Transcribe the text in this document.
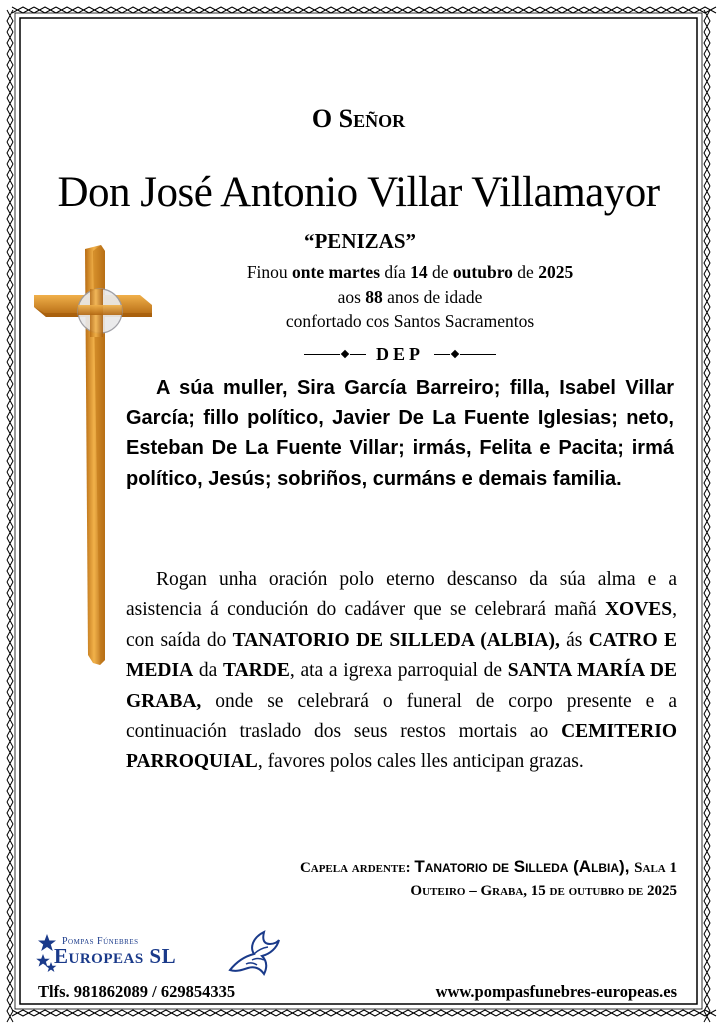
O Señor
Don José Antonio Villar Villamayor
“PENIZAS”
Finou onte martes día 14 de outubro de 2025
aos 88 anos de idade
confortado cos Santos Sacramentos
DEP
A súa muller, Sira García Barreiro; filla, Isabel Villar García; fillo político, Javier De La Fuente Iglesias; neto, Esteban De La Fuente Villar; irmás, Felita e Pacita; irmá político, Jesús; sobriños, curmáns e demais familia.
Rogan unha oración polo eterno descanso da súa alma e a asistencia á condución do cadáver que se celebrará mañá XOVES, con saída do TANATORIO DE SILLEDA (ALBIA), ás CATRO E MEDIA da TARDE, ata a igrexa parroquial de SANTA MARÍA DE GRABA, onde se celebrará o funeral de corpo presente e a continuación traslado dos seus restos mortais ao CEMITERIO PARROQUIAL, favores polos cales lles anticipan grazas.
Capela ardente: Tanatorio de Silleda (Albia), Sala 1
Outeiro – Graba, 15 de outubro de 2025
Pompas Fúnebres
Europeas SL
Tlfs. 981862089 / 629854335	www.pompasfunebres-europeas.es
